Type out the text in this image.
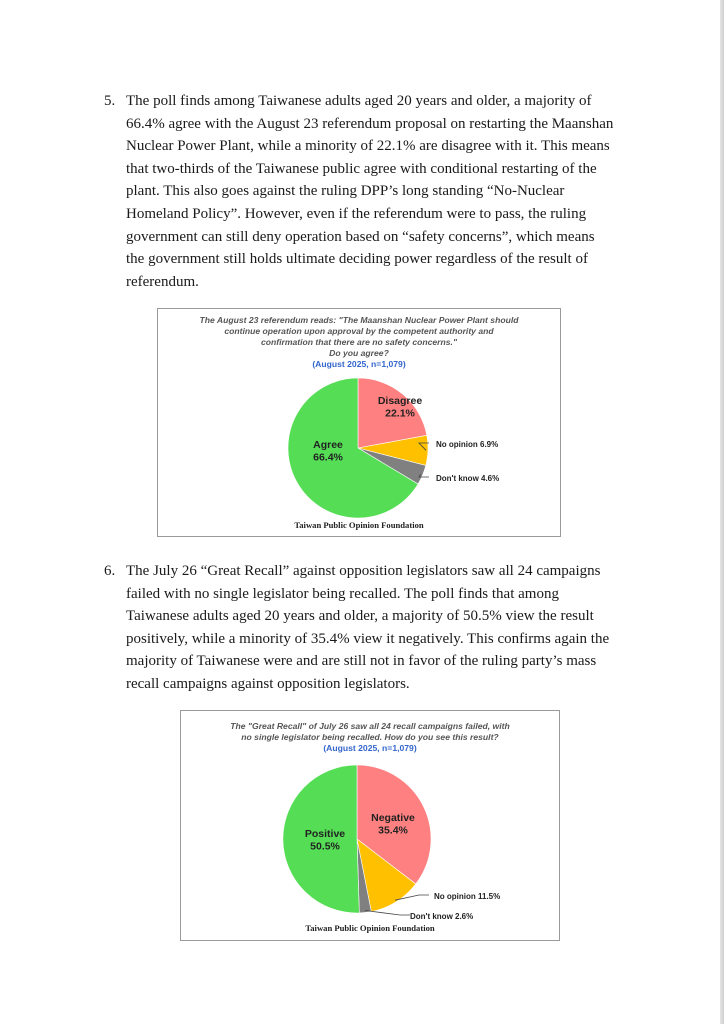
5. The poll finds among Taiwanese adults aged 20 years and older, a majority of 66.4% agree with the August 23 referendum proposal on restarting the Maanshan Nuclear Power Plant, while a minority of 22.1% are disagree with it. This means that two-thirds of the Taiwanese public agree with conditional restarting of the plant. This also goes against the ruling DPP’s long standing “No-Nuclear Homeland Policy”. However, even if the referendum were to pass, the ruling government can still deny operation based on “safety concerns”, which means the government still holds ultimate deciding power regardless of the result of referendum.
The August 23 referendum reads: "The Maanshan Nuclear Power Plant should
continue operation upon approval by the competent authority and
confirmation that there are no safety concerns."
Do you agree?
(August 2025, n=1,079)
Disagree 22.1%
Agree 66.4%
No opinion 6.9%
Don't know 4.6%
Taiwan Public Opinion Foundation
6. The July 26 “Great Recall” against opposition legislators saw all 24 campaigns failed with no single legislator being recalled. The poll finds that among Taiwanese adults aged 20 years and older, a majority of 50.5% view the result positively, while a minority of 35.4% view it negatively. This confirms again the majority of Taiwanese were and are still not in favor of the ruling party’s mass recall campaigns against opposition legislators.
The "Great Recall" of July 26 saw all 24 recall campaigns failed, with
no single legislator being recalled. How do you see this result?
(August 2025, n=1,079)
Negative 35.4%
Positive 50.5%
No opinion 11.5%
Don't know 2.6%
Taiwan Public Opinion Foundation
